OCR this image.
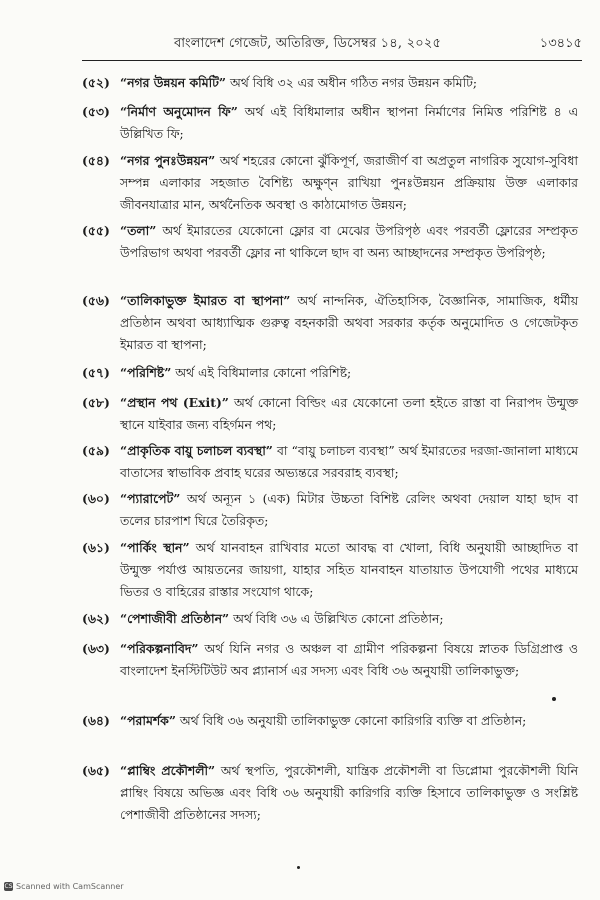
বাংলাদেশ গেজেট, অতিরিক্ত, ডিসেম্বর ১৪, ২০২৫	১৩৪১৫
(৫২) “নগর উন্নয়ন কমিটি” অর্থ বিধি ৩২ এর অধীন গঠিত নগর উন্নয়ন কমিটি;
(৫৩) “নির্মাণ অনুমোদন ফি” অর্থ এই বিধিমালার অধীন স্থাপনা নির্মাণের নিমিত্ত পরিশিষ্ট ৪ এ উল্লিখিত ফি;
(৫৪) “নগর পুনঃউন্নয়ন” অর্থ শহরের কোনো ঝুঁকিপূর্ণ, জরাজীর্ণ বা অপ্রতুল নাগরিক সুযোগ-সুবিধা সম্পন্ন এলাকার সহজাত বৈশিষ্ট্য অক্ষুণ্ন রাখিয়া পুনঃউন্নয়ন প্রক্রিয়ায় উক্ত এলাকার জীবনযাত্রার মান, অর্থনৈতিক অবস্থা ও কাঠামোগত উন্নয়ন;
(৫৫) “তলা” অর্থ ইমারতের যেকোনো ফ্লোর বা মেঝের উপরিপৃষ্ঠ এবং পরবর্তী ফ্লোরের সম্প্রকৃত উপরিভাগ অথবা পরবর্তী ফ্লোর না থাকিলে ছাদ বা অন্য আচ্ছাদনের সম্প্রকৃত উপরিপৃষ্ঠ;
(৫৬) “তালিকাভুক্ত ইমারত বা স্থাপনা” অর্থ নান্দনিক, ঐতিহাসিক, বৈজ্ঞানিক, সামাজিক, ধর্মীয় প্রতিষ্ঠান অথবা আধ্যাত্মিক গুরুত্ব বহনকারী অথবা সরকার কর্তৃক অনুমোদিত ও গেজেটকৃত ইমারত বা স্থাপনা;
(৫৭) “পরিশিষ্ট” অর্থ এই বিধিমালার কোনো পরিশিষ্ট;
(৫৮) “প্রস্থান পথ (Exit)” অর্থ কোনো বিল্ডিং এর যেকোনো তলা হইতে রাস্তা বা নিরাপদ উন্মুক্ত স্থানে যাইবার জন্য বহির্গমন পথ;
(৫৯) “প্রাকৃতিক বায়ু চলাচল ব্যবস্থা” বা “বায়ু চলাচল ব্যবস্থা” অর্থ ইমারতের দরজা-জানালা মাধ্যমে বাতাসের স্বাভাবিক প্রবাহ ঘরের অভ্যন্তরে সরবরাহ ব্যবস্থা;
(৬০) “প্যারাপেট” অর্থ অন্যূন ১ (এক) মিটার উচ্চতা বিশিষ্ট রেলিং অথবা দেয়াল যাহা ছাদ বা তলের চারপাশ ঘিরে তৈরিকৃত;
(৬১) “পার্কিং স্থান” অর্থ যানবাহন রাখিবার মতো আবদ্ধ বা খোলা, বিধি অনুযায়ী আচ্ছাদিত বা উন্মুক্ত পর্যাপ্ত আয়তনের জায়গা, যাহার সহিত যানবাহন যাতায়াত উপযোগী পথের মাধ্যমে ভিতর ও বাহিরের রাস্তার সংযোগ থাকে;
(৬২) “পেশাজীবী প্রতিষ্ঠান” অর্থ বিধি ৩৬ এ উল্লিখিত কোনো প্রতিষ্ঠান;
(৬৩) “পরিকল্পনাবিদ” অর্থ যিনি নগর ও অঞ্চল বা গ্রামীণ পরিকল্পনা বিষয়ে স্নাতক ডিগ্রিপ্রাপ্ত ও বাংলাদেশ ইনস্টিটিউট অব প্ল্যানার্স এর সদস্য এবং বিধি ৩৬ অনুযায়ী তালিকাভুক্ত;
(৬৪) “পরামর্শক” অর্থ বিধি ৩৬ অনুযায়ী তালিকাভুক্ত কোনো কারিগরি ব্যক্তি বা প্রতিষ্ঠান;
(৬৫) “প্লাম্বিং প্রকৌশলী” অর্থ স্থপতি, পুরকৌশলী, যান্ত্রিক প্রকৌশলী বা ডিপ্লোমা পুরকৌশলী যিনি প্লাম্বিং বিষয়ে অভিজ্ঞ এবং বিধি ৩৬ অনুযায়ী কারিগরি ব্যক্তি হিসাবে তালিকাভুক্ত ও সংশ্লিষ্ট পেশাজীবী প্রতিষ্ঠানের সদস্য;
CS Scanned with CamScanner
